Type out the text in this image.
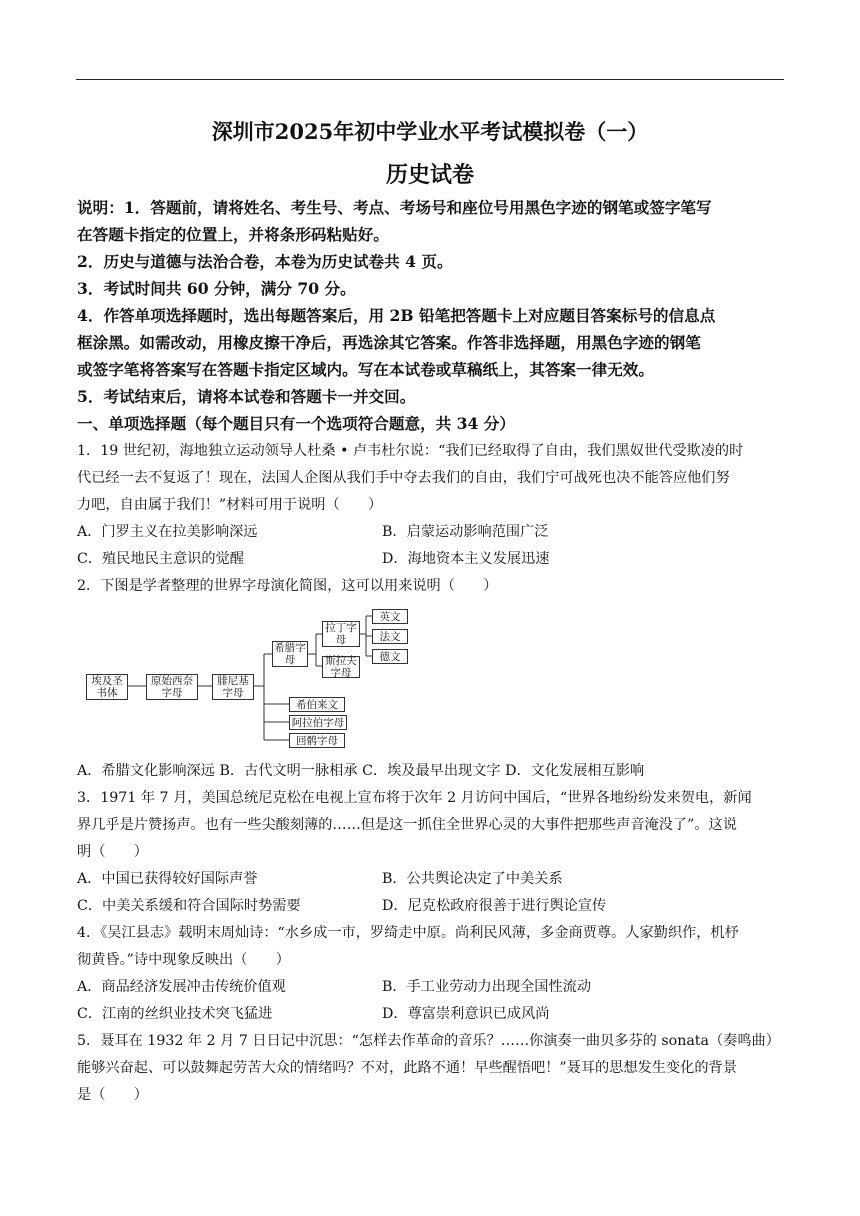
深圳市2025年初中学业水平考试模拟卷（一）
历史试卷
说明：1．答题前，请将姓名、考生号、考点、考场号和座位号用黑色字迹的钢笔或签字笔写
在答题卡指定的位置上，并将条形码粘贴好。
2．历史与道德与法治合卷，本卷为历史试卷共 4 页。
3．考试时间共 60 分钟，满分 70 分。
4．作答单项选择题时，选出每题答案后，用 2B 铅笔把答题卡上对应题目答案标号的信息点
框涂黑。如需改动，用橡皮擦干净后，再选涂其它答案。作答非选择题，用黑色字迹的钢笔
或签字笔将答案写在答题卡指定区域内。写在本试卷或草稿纸上，其答案一律无效。
5．考试结束后，请将本试卷和答题卡一并交回。
一、单项选择题（每个题目只有一个选项符合题意，共 34 分）
1．19 世纪初，海地独立运动领导人杜桑 • 卢韦杜尔说：“我们已经取得了自由，我们黑奴世代受欺凌的时
代已经一去不复返了！现在，法国人企图从我们手中夺去我们的自由，我们宁可战死也决不能答应他们努
力吧，自由属于我们！”材料可用于说明（　　）
A．门罗主义在拉美影响深远	B．启蒙运动影响范围广泛
C．殖民地民主意识的觉醒	D．海地资本主义发展迅速
2．下图是学者整理的世界字母演化简图，这可以用来说明（　　）
埃及圣书体
原始西奈字母
腓尼基字母
希腊字母
拉丁字母
斯拉夫字母
英文
法文
德文
希伯来文
阿拉伯字母
回鹘字母
A．希腊文化影响深远 B．古代文明一脉相承 C．埃及最早出现文字 D．文化发展相互影响
3．1971 年 7 月，美国总统尼克松在电视上宣布将于次年 2 月访问中国后，“世界各地纷纷发来贺电，新闻
界几乎是片赞扬声。也有一些尖酸刻薄的……但是这一抓住全世界心灵的大事件把那些声音淹没了”。这说
明（　　）
A．中国已获得较好国际声誉	B．公共舆论决定了中美关系
C．中美关系缓和符合国际时势需要	D．尼克松政府很善于进行舆论宣传
4．《吴江县志》载明末周灿诗：“水乡成一市，罗绮走中原。尚利民风薄，多金商贾尊。人家勤织作，机杼
彻黄昏。”诗中现象反映出（　　）
A．商品经济发展冲击传统价值观	B．手工业劳动力出现全国性流动
C．江南的丝织业技术突飞猛进	D．尊富崇利意识已成风尚
5．聂耳在 1932 年 2 月 7 日日记中沉思：“怎样去作革命的音乐？……你演奏一曲贝多芬的 sonata（奏鸣曲）
能够兴奋起、可以鼓舞起劳苦大众的情绪吗？不对，此路不通！早些醒悟吧！”聂耳的思想发生变化的背景
是（　　）
